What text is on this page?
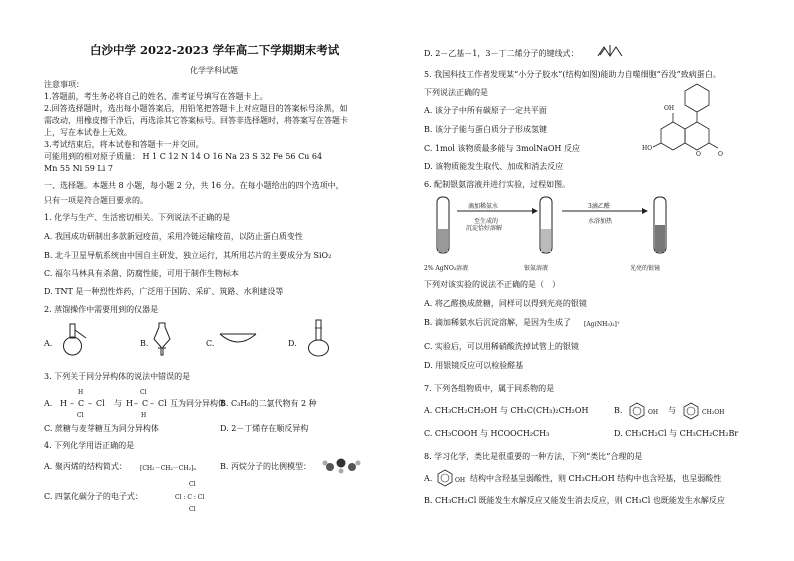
白沙中学 2022-2023 学年高二下学期期末考试
化学学科试题
注意事项：
1.答题前，考生务必将自己的姓名、准考证号填写在答题卡上。
2.回答选择题时，选出每小题答案后，用铅笔把答题卡上对应题目的答案标号涂黑，如
需改动，用橡皮擦干净后，再选涂其它答案标号。回答非选择题时，将答案写在答题卡
上，写在本试卷上无效。
3.考试结束后，将本试卷和答题卡一并交回。
可能用到的相对原子质量： H 1 C 12 N 14 O 16 Na 23 S 32 Fe 56 Cu 64
Mn 55 Ni 59 Li 7
一、选择题。本题共 8 小题，每小题 2 分，共 16 分。在每小题给出的四个选项中，
只有一项是符合题目要求的。
1. 化学与生产、生活密切相关。下列说法不正确的是
A. 我国成功研制出多款新冠疫苗，采用冷链运输疫苗，以防止蛋白质变性
B. 北斗卫星导航系统由中国自主研发、独立运行，其所用芯片的主要成分为 SiO₂
C. 福尔马林具有杀菌、防腐性能，可用于制作生物标本
D. TNT 是一种烈性炸药，广泛用于国防、采矿、筑路、水利建设等
2. 蒸馏操作中需要用到的仪器是
A.	B.	C.	D.
3. 下列关于同分异构体的说法中错误的是
A.
H
H – C – Cl
Cl
与
Cl
H – C – Cl
H
互为同分异构体
B. C₃H₆的二氯代物有 2 种
C. 蔗糖与麦芽糖互为同分异构体	D. 2－丁烯存在顺反异构
4. 下列化学用语正确的是
A. 聚丙烯的结构简式： [CH₂－CH₂－CH₂]ₙ	B. 丙烷分子的比例模型：
C. 四氯化碳分子的电子式：
Cl
Cl : C : Cl
Cl
D. 2－乙基－1，3－丁二烯分子的键线式：
5. 我国科技工作者发现某“小分子胶水”(结构如图)能助力自噬细胞“吞没”致病蛋白。
下列说法正确的是
A. 该分子中所有碳原子一定共平面
B. 该分子能与蛋白质分子形成氢键
C. 1mol 该物质最多能与 3molNaOH 反应
D. 该物质能发生取代、加成和消去反应
OH
HO
O	O
6. 配制银氨溶液并进行实验，过程如图。
滴加稀氨水
至生成的
沉淀恰好溶解
3滴乙醛
水浴加热
2% AgNO₃溶液	银氨溶液	光亮的银镜
下列对该实验的说法不正确的是（　）
A. 将乙醛换成蔗糖，同样可以得到光亮的银镜
B. 滴加稀氨水后沉淀溶解，是因为生成了 [Ag(NH₃)₂]⁺
C. 实验后，可以用稀硝酸洗掉试管上的银镜
D. 用银镜反应可以检验醛基
7. 下列各组物质中，属于同系物的是
A. CH₃CH₂CH₂OH 与 CH₃C(CH₃)₂CH₂OH	B.	OH 与	CH₂OH
C. CH₃COOH 与 HCOOCH₂CH₃	D. CH₃CH₂Cl 与 CH₃CH₂CH₂Br
8. 学习化学，类比是很重要的一种方法，下列“类比”合理的是
A.	OH 结构中含羟基呈弱酸性，则 CH₃CH₂OH 结构中也含羟基，也呈弱酸性
B. CH₃CH₂Cl 既能发生水解反应又能发生消去反应，则 CH₃Cl 也既能发生水解反应
